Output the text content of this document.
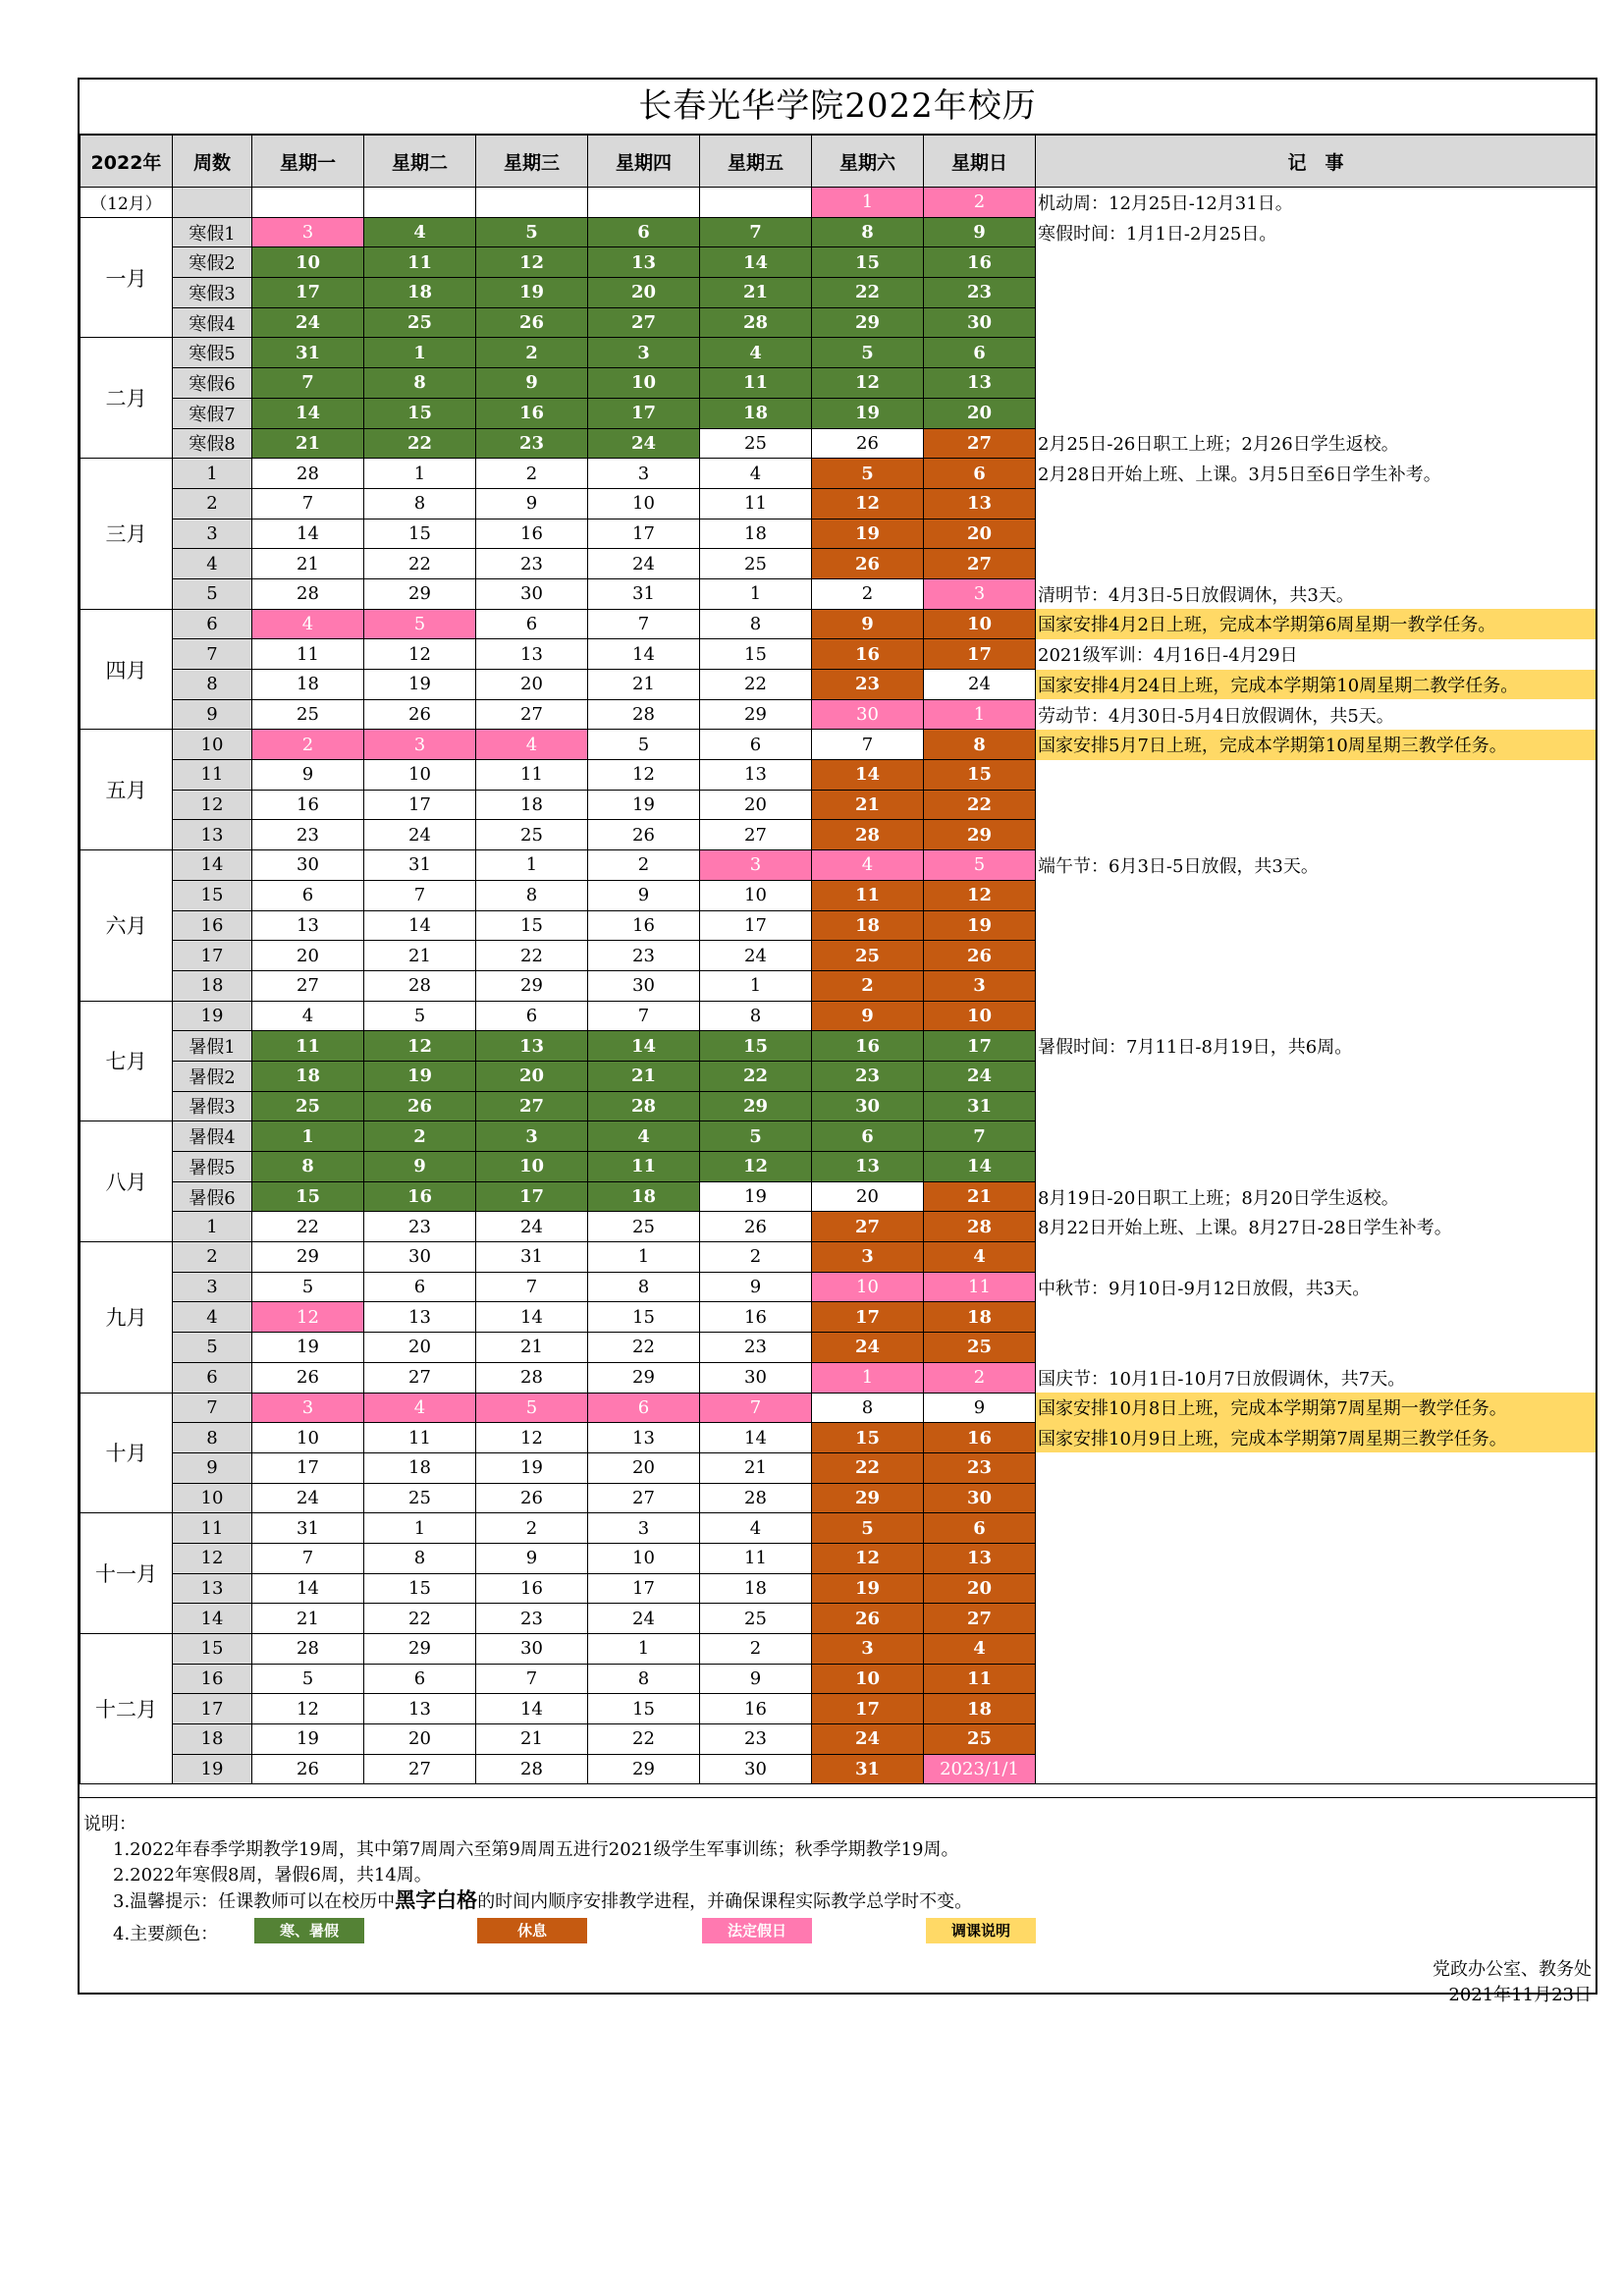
长春光华学院2022年校历
2022年	周数	星期一	星期二	星期三	星期四	星期五	星期六	星期日	记　事
（12月）							1	2	机动周：12月25日-12月31日。
一月	寒假1	3	4	5	6	7	8	9	寒假时间：1月1日-2月25日。
	寒假2	10	11	12	13	14	15	16	
	寒假3	17	18	19	20	21	22	23	
	寒假4	24	25	26	27	28	29	30	
二月	寒假5	31	1	2	3	4	5	6	
	寒假6	7	8	9	10	11	12	13	
	寒假7	14	15	16	17	18	19	20	
	寒假8	21	22	23	24	25	26	27	2月25日-26日职工上班；2月26日学生返校。
三月	1	28	1	2	3	4	5	6	2月28日开始上班、上课。3月5日至6日学生补考。
	2	7	8	9	10	11	12	13	
	3	14	15	16	17	18	19	20	
	4	21	22	23	24	25	26	27	
	5	28	29	30	31	1	2	3	清明节：4月3日-5日放假调休，共3天。
四月	6	4	5	6	7	8	9	10	国家安排4月2日上班，完成本学期第6周星期一教学任务。
	7	11	12	13	14	15	16	17	2021级军训：4月16日-4月29日
	8	18	19	20	21	22	23	24	国家安排4月24日上班，完成本学期第10周星期二教学任务。
	9	25	26	27	28	29	30	1	劳动节：4月30日-5月4日放假调休，共5天。
五月	10	2	3	4	5	6	7	8	国家安排5月7日上班，完成本学期第10周星期三教学任务。
	11	9	10	11	12	13	14	15	
	12	16	17	18	19	20	21	22	
	13	23	24	25	26	27	28	29	
六月	14	30	31	1	2	3	4	5	端午节：6月3日-5日放假，共3天。
	15	6	7	8	9	10	11	12	
	16	13	14	15	16	17	18	19	
	17	20	21	22	23	24	25	26	
	18	27	28	29	30	1	2	3	
七月	19	4	5	6	7	8	9	10	
	暑假1	11	12	13	14	15	16	17	暑假时间：7月11日-8月19日，共6周。
	暑假2	18	19	20	21	22	23	24	
	暑假3	25	26	27	28	29	30	31	
八月	暑假4	1	2	3	4	5	6	7	
	暑假5	8	9	10	11	12	13	14	
	暑假6	15	16	17	18	19	20	21	8月19日-20日职工上班；8月20日学生返校。
	1	22	23	24	25	26	27	28	8月22日开始上班、上课。8月27日-28日学生补考。
九月	2	29	30	31	1	2	3	4	
	3	5	6	7	8	9	10	11	中秋节：9月10日-9月12日放假，共3天。
	4	12	13	14	15	16	17	18	
	5	19	20	21	22	23	24	25	
	6	26	27	28	29	30	1	2	国庆节：10月1日-10月7日放假调休，共7天。
十月	7	3	4	5	6	7	8	9	国家安排10月8日上班，完成本学期第7周星期一教学任务。
	8	10	11	12	13	14	15	16	国家安排10月9日上班，完成本学期第7周星期三教学任务。
	9	17	18	19	20	21	22	23	
	10	24	25	26	27	28	29	30	
十一月	11	31	1	2	3	4	5	6	
	12	7	8	9	10	11	12	13	
	13	14	15	16	17	18	19	20	
	14	21	22	23	24	25	26	27	
十二月	15	28	29	30	1	2	3	4	
	16	5	6	7	8	9	10	11	
	17	12	13	14	15	16	17	18	
	18	19	20	21	22	23	24	25	
	19	26	27	28	29	30	31	2023/1/1	
说明：
1.2022年春季学期教学19周，其中第7周周六至第9周周五进行2021级学生军事训练；秋季学期教学19周。
2.2022年寒假8周，暑假6周，共14周。
3.温馨提示：任课教师可以在校历中黑字白格的时间内顺序安排教学进程，并确保课程实际教学总学时不变。
4.主要颜色：	寒、暑假	休息	法定假日	调课说明
党政办公室、教务处
2021年11月23日
